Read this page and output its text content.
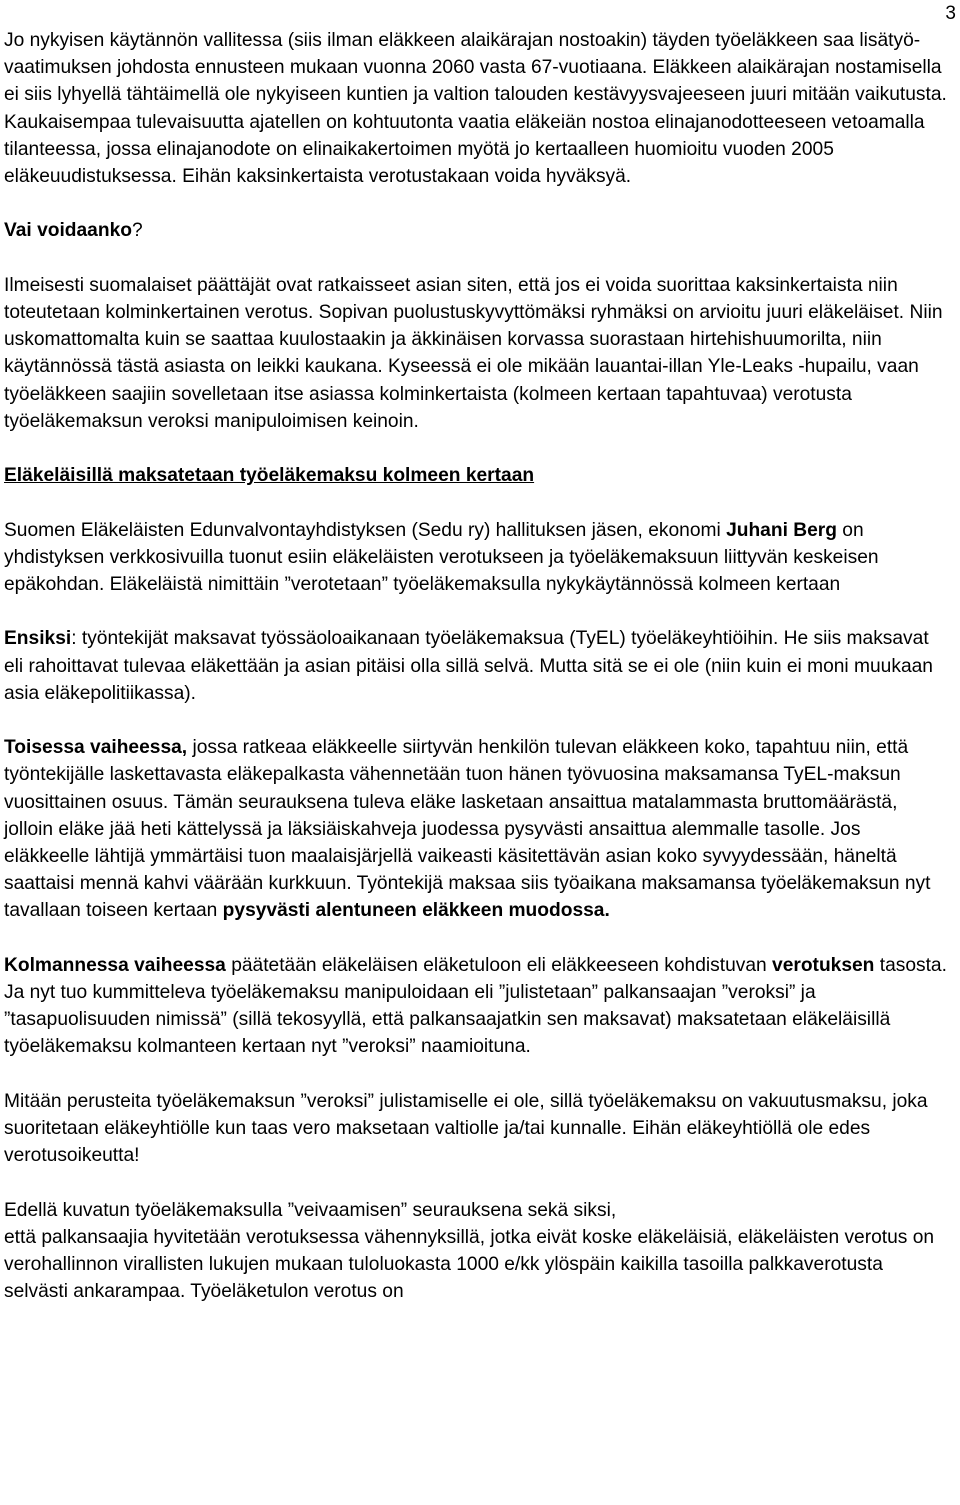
3

Jo nykyisen käytännön vallitessa (siis ilman eläkkeen alaikärajan nostoakin) täyden työeläkkeen saa lisätyö-vaatimuksen johdosta ennusteen mukaan vuonna 2060 vasta 67-vuotiaana. Eläkkeen alaikärajan nostamisella ei siis lyhyellä tähtäimellä ole nykyiseen kuntien ja valtion talouden kestävyysvajeeseen juuri mitään vaikutusta. Kaukaisempaa tulevaisuutta ajatellen on kohtuutonta vaatia eläkeiän nostoa elinajanodotteeseen vetoamalla tilanteessa, jossa elinajanodote on elinaikakertoimen myötä jo kertaalleen huomioitu vuoden 2005 eläkeuudistuksessa. Eihän kaksinkertaista verotustakaan voida hyväksyä.

Vai voidaanko?

Ilmeisesti suomalaiset päättäjät ovat ratkaisseet asian siten, että jos ei voida suorittaa kaksinkertaista niin toteutetaan kolminkertainen verotus. Sopivan puolustuskyvyttömäksi ryhmäksi on arvioitu juuri eläkeläiset. Niin uskomattomalta kuin se saattaa kuulostaakin ja äkkinäisen korvassa suorastaan hirtehishuumorilta, niin käytännössä tästä asiasta on leikki kaukana. Kyseessä ei ole mikään lauantai-illan Yle-Leaks -hupailu, vaan työeläkkeen saajiin sovelletaan itse asiassa kolminkertaista (kolmeen kertaan tapahtuvaa) verotusta työeläkemaksun veroksi manipuloimisen keinoin.

Eläkeläisillä maksatetaan työeläkemaksu kolmeen kertaan

Suomen Eläkeläisten Edunvalvontayhdistyksen (Sedu ry) hallituksen jäsen, ekonomi Juhani Berg on yhdistyksen verkkosivuilla tuonut esiin eläkeläisten verotukseen ja työeläkemaksuun liittyvän keskeisen epäkohdan. Eläkeläistä nimittäin ”verotetaan” työeläkemaksulla nykykäytännössä kolmeen kertaan

Ensiksi: työntekijät maksavat työssäoloaikanaan työeläkemaksua (TyEL) työeläkeyhtiöihin. He siis maksavat eli rahoittavat tulevaa eläkettään ja asian pitäisi olla sillä selvä. Mutta sitä se ei ole (niin kuin ei moni muukaan asia eläkepolitiikassa).

Toisessa vaiheessa, jossa ratkeaa eläkkeelle siirtyvän henkilön tulevan eläkkeen koko, tapahtuu niin, että työntekijälle laskettavasta eläkepalkasta vähennetään tuon hänen työvuosina maksamansa TyEL-maksun vuosittainen osuus. Tämän seurauksena tuleva eläke lasketaan ansaittua matalammasta bruttomäärästä, jolloin eläke jää heti kättelyssä ja läksiäiskahveja juodessa pysyvästi ansaittua alemmalle tasolle. Jos eläkkeelle lähtijä ymmärtäisi tuon maalaisjärjellä vaikeasti käsitettävän asian koko syvyydessään, häneltä saattaisi mennä kahvi väärään kurkkuun. Työntekijä maksaa siis työaikana maksamansa työeläkemaksun nyt tavallaan toiseen kertaan pysyvästi alentuneen eläkkeen muodossa.

Kolmannessa vaiheessa päätetään eläkeläisen eläketuloon eli eläkkeeseen kohdistuvan verotuksen tasosta. Ja nyt tuo kummitteleva työeläkemaksu manipuloidaan eli ”julistetaan” palkansaajan ”veroksi” ja ”tasapuolisuuden nimissä” (sillä tekosyyllä, että palkansaajatkin sen maksavat) maksatetaan eläkeläisillä työeläkemaksu kolmanteen kertaan nyt ”veroksi” naamioituna.

Mitään perusteita työeläkemaksun ”veroksi” julistamiselle ei ole, sillä työeläkemaksu on vakuutusmaksu, joka suoritetaan eläkeyhtiölle kun taas vero maksetaan valtiolle ja/tai kunnalle. Eihän eläkeyhtiöllä ole edes verotusoikeutta!

Edellä kuvatun työeläkemaksulla ”veivaamisen” seurauksena sekä siksi,
että palkansaajia hyvitetään verotuksessa vähennyksillä, jotka eivät koske eläkeläisiä, eläkeläisten verotus on verohallinnon virallisten lukujen mukaan tuloluokasta 1000 e/kk ylöspäin kaikilla tasoilla palkkaverotusta selvästi ankarampaa. Työeläketulon verotus on
